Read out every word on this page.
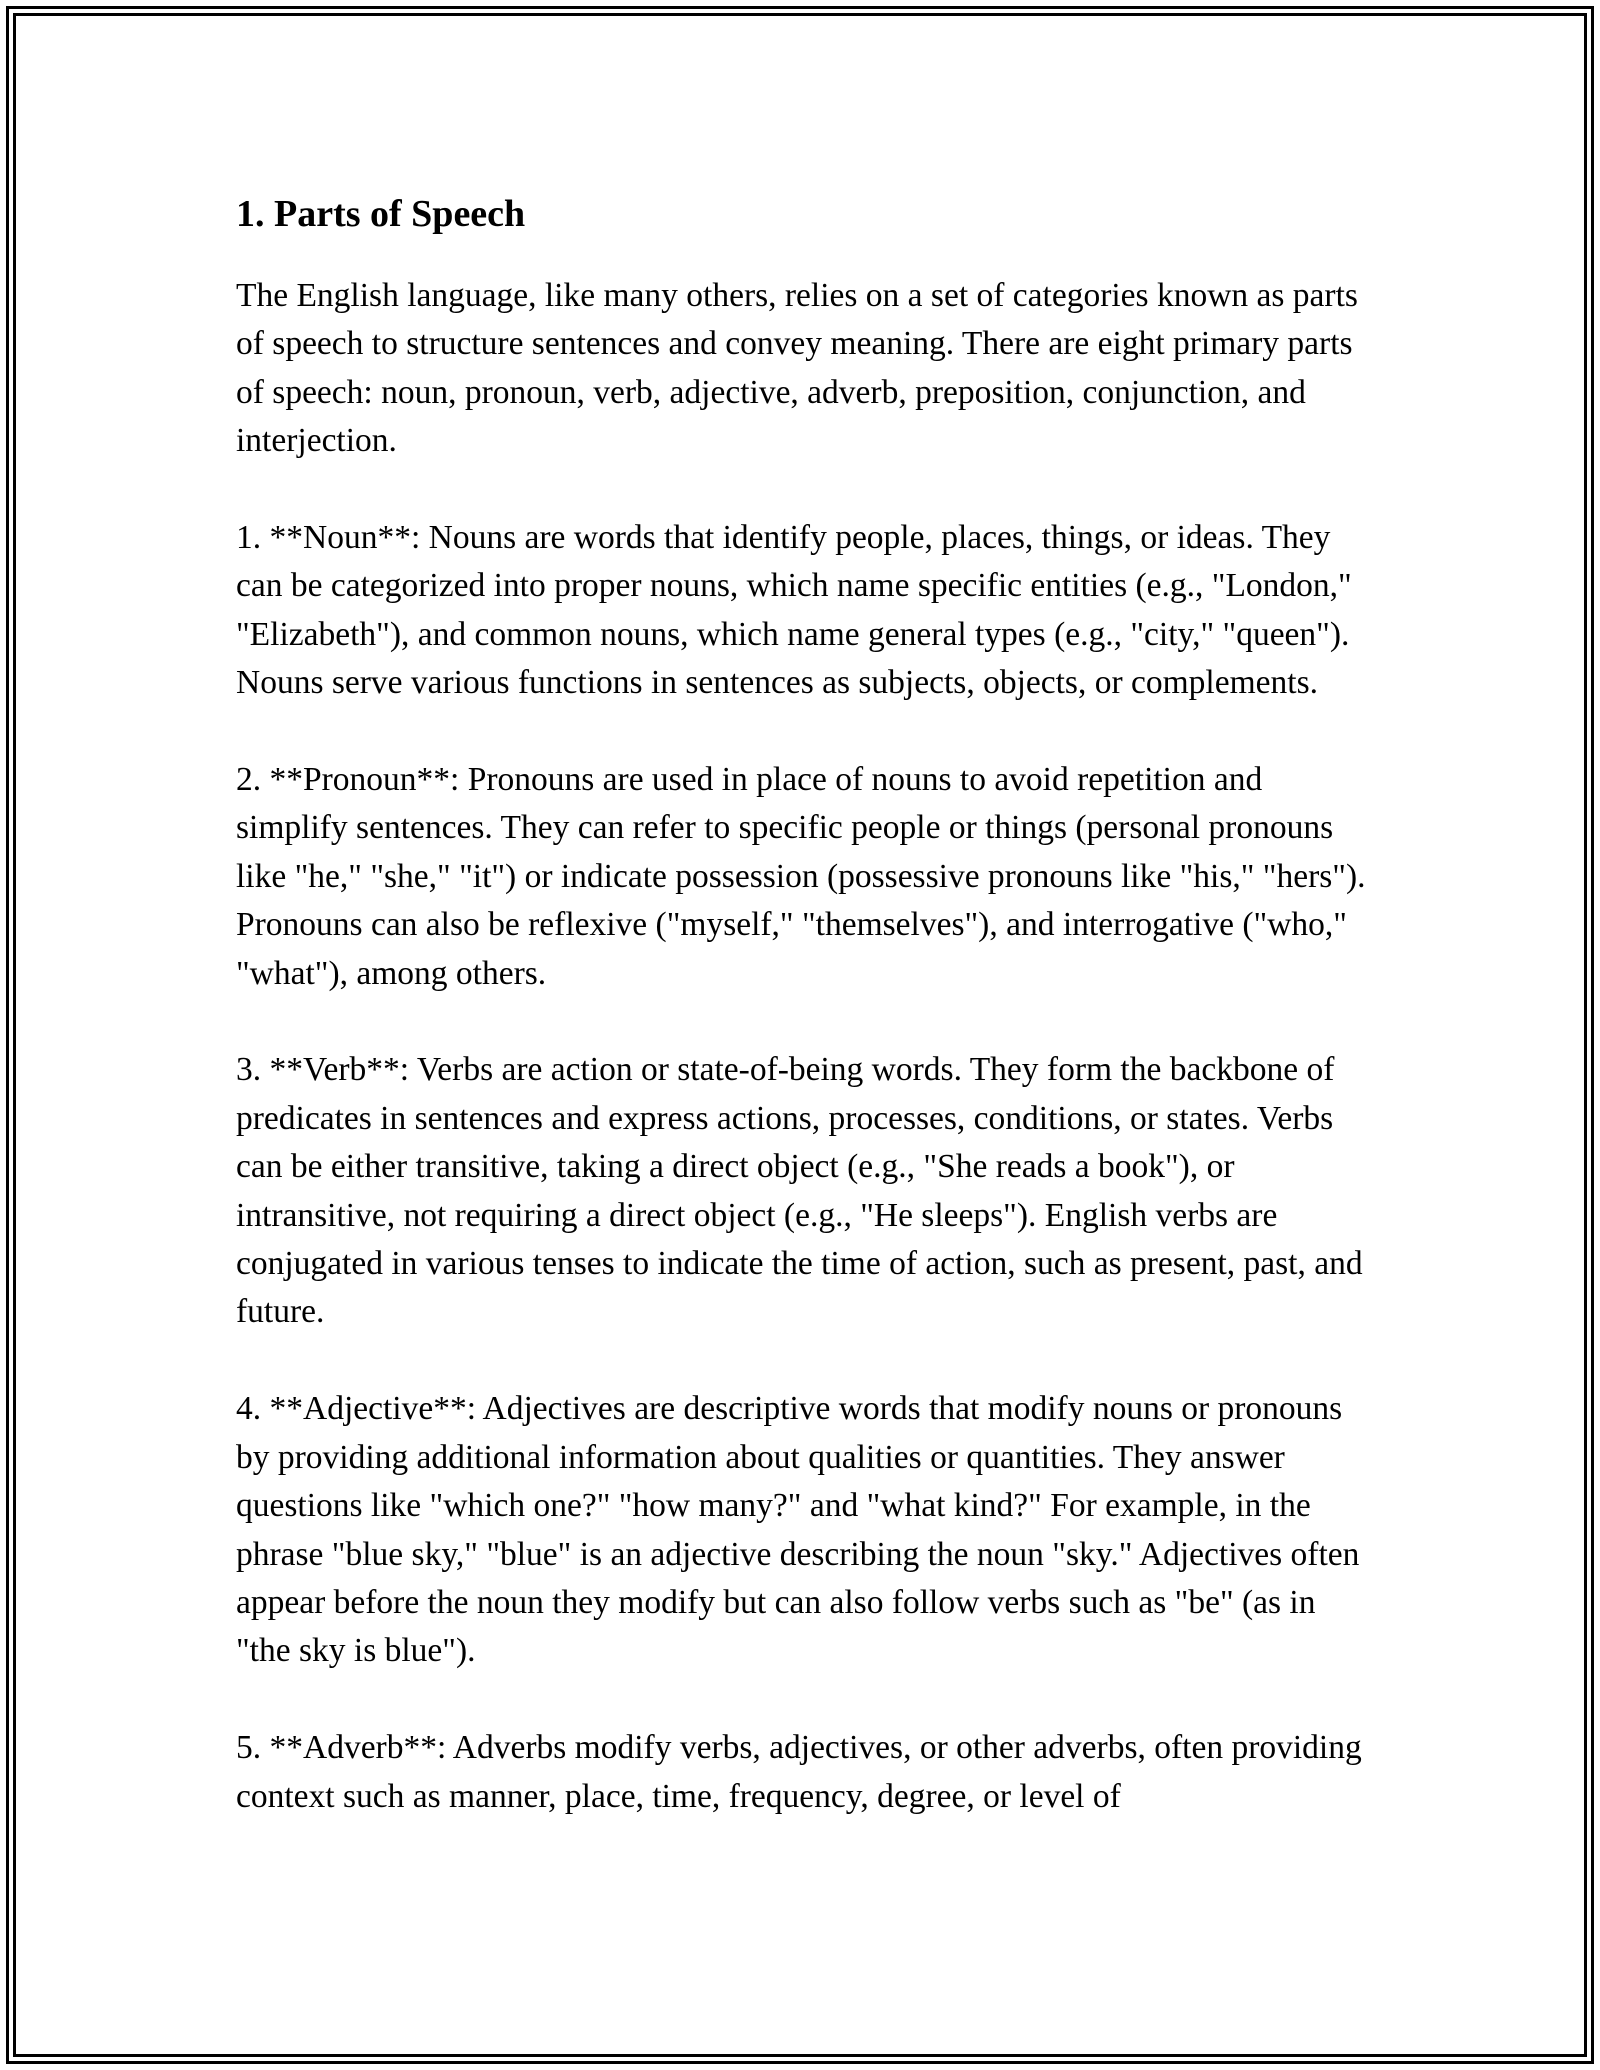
1. Parts of Speech

The English language, like many others, relies on a set of categories known as parts of speech to structure sentences and convey meaning. There are eight primary parts of speech: noun, pronoun, verb, adjective, adverb, preposition, conjunction, and interjection.

1. **Noun**: Nouns are words that identify people, places, things, or ideas. They can be categorized into proper nouns, which name specific entities (e.g., "London," "Elizabeth"), and common nouns, which name general types (e.g., "city," "queen"). Nouns serve various functions in sentences as subjects, objects, or complements.

2. **Pronoun**: Pronouns are used in place of nouns to avoid repetition and simplify sentences. They can refer to specific people or things (personal pronouns like "he," "she," "it") or indicate possession (possessive pronouns like "his," "hers"). Pronouns can also be reflexive ("myself," "themselves"), and interrogative ("who," "what"), among others.

3. **Verb**: Verbs are action or state-of-being words. They form the backbone of predicates in sentences and express actions, processes, conditions, or states. Verbs can be either transitive, taking a direct object (e.g., "She reads a book"), or intransitive, not requiring a direct object (e.g., "He sleeps"). English verbs are conjugated in various tenses to indicate the time of action, such as present, past, and future.

4. **Adjective**: Adjectives are descriptive words that modify nouns or pronouns by providing additional information about qualities or quantities. They answer questions like "which one?" "how many?" and "what kind?" For example, in the phrase "blue sky," "blue" is an adjective describing the noun "sky." Adjectives often appear before the noun they modify but can also follow verbs such as "be" (as in "the sky is blue").

5. **Adverb**: Adverbs modify verbs, adjectives, or other adverbs, often providing context such as manner, place, time, frequency, degree, or level of
